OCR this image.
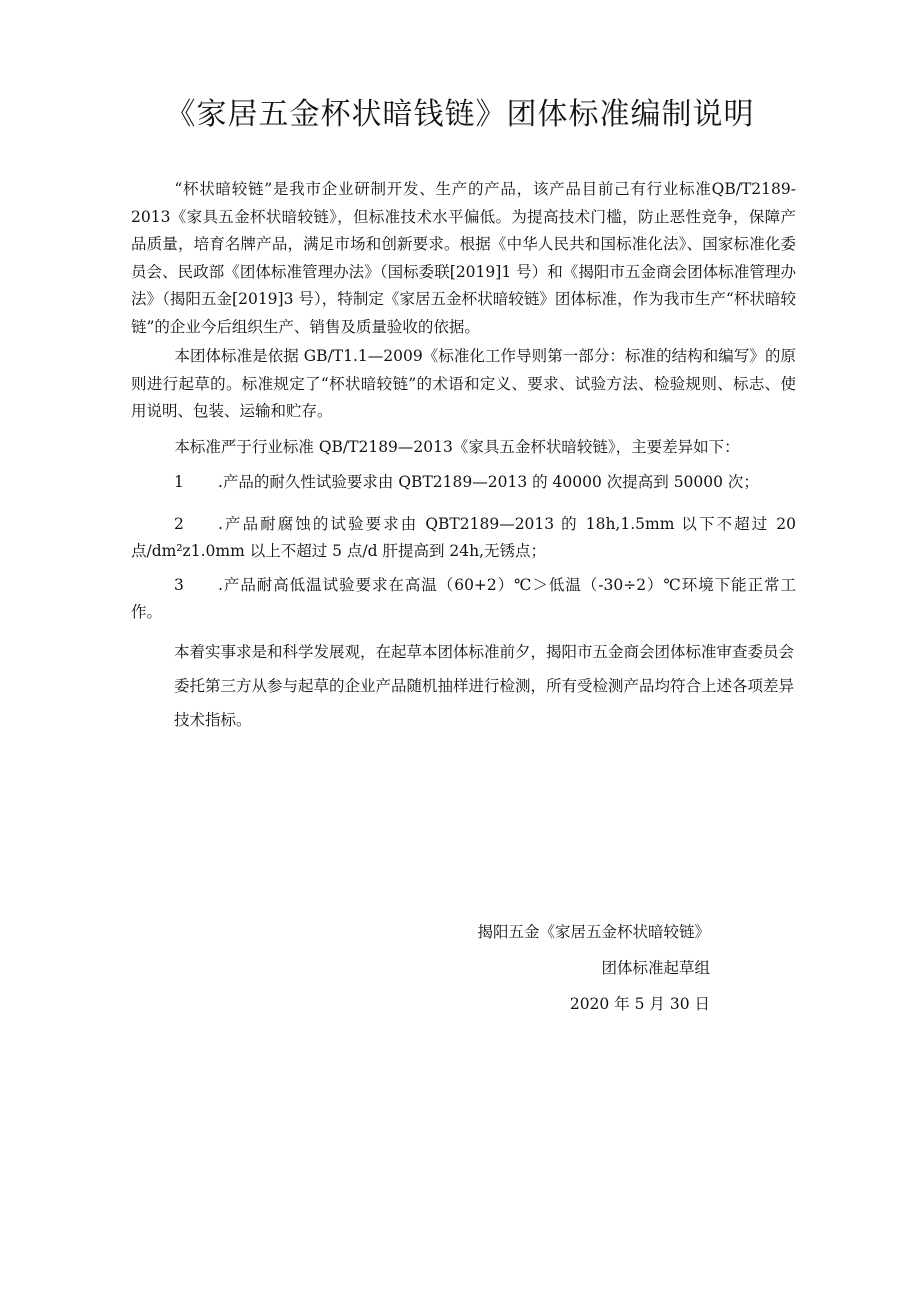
《家居五金杯状暗钱链》团体标准编制说明

“杯状暗较链”是我市企业研制开发、生产的产品，该产品目前己有行业标准QB/T2189-2013《家具五金杯状暗较链》，但标准技术水平偏低。为提高技术门槛，防止恶性竞争，保障产品质量，培育名牌产品，满足市场和创新要求。根据《中华人民共和国标准化法》、国家标准化委员会、民政部《团体标准管理办法》（国标委联[2019]1 号）和《揭阳市五金商会团体标准管理办法》（揭阳五金[2019]3 号），特制定《家居五金杯状暗较链》团体标准，作为我市生产“杯状暗较链”的企业今后组织生产、销售及质量验收的依据。

本团体标准是依据 GB/T1.1—2009《标准化工作导则第一部分：标准的结构和编写》的原则进行起草的。标准规定了“杯状暗较链”的术语和定义、要求、试验方法、检验规则、标志、使用说明、包装、运输和贮存。

本标准严于行业标准 QB/T2189—2013《家具五金杯状暗较链》，主要差异如下：

1 .产品的耐久性试验要求由 QBT2189—2013 的 40000 次提高到 50000 次；

2 .产品耐腐蚀的试验要求由 QBT2189—2013 的 18h,1.5mm 以下不超过 20 点/dm²z1.0mm 以上不超过 5 点/d 肝提高到 24h,无锈点；

3 .产品耐高低温试验要求在高温（60+2）℃＞低温（-30÷2）℃环境下能正常工作。

本着实事求是和科学发展观，在起草本团体标准前夕，揭阳市五金商会团体标准审查委员会委托第三方从参与起草的企业产品随机抽样进行检测，所有受检测产品均符合上述各项差异技术指标。

揭阳五金《家居五金杯状暗较链》
团体标准起草组
2020 年 5 月 30 日
